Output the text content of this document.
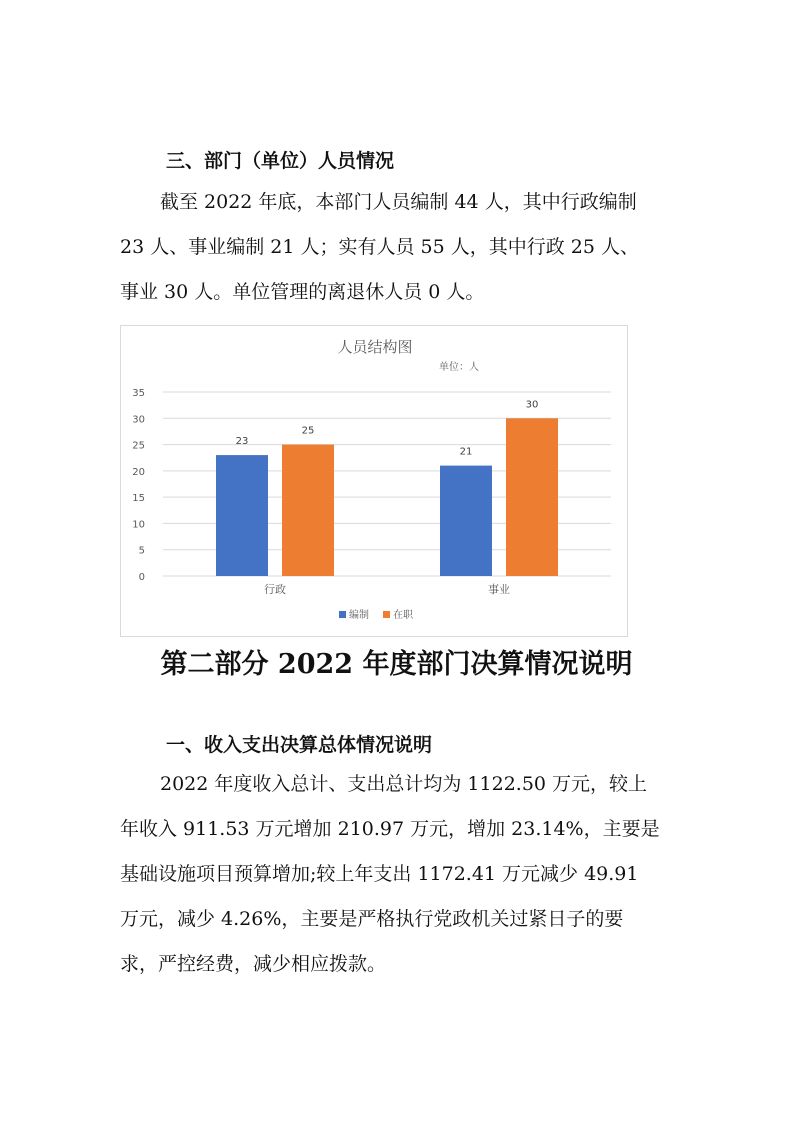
三、部门（单位）人员情况
截至 2022 年底，本部门人员编制 44 人，其中行政编制
23 人、事业编制 21 人；实有人员 55 人，其中行政 25 人、
事业 30 人。单位管理的离退休人员 0 人。
人员结构图
单位：人
0
5
10
15
20
25
30
35
行政
23
25
事业
21
30
编制 在职
第二部分 2022 年度部门决算情况说明
一、收入支出决算总体情况说明
2022 年度收入总计、支出总计均为 1122.50 万元，较上
年收入 911.53 万元增加 210.97 万元，增加 23.14%，主要是
基础设施项目预算增加;较上年支出 1172.41 万元减少 49.91
万元，减少 4.26%，主要是严格执行党政机关过紧日子的要
求，严控经费，减少相应拨款。
